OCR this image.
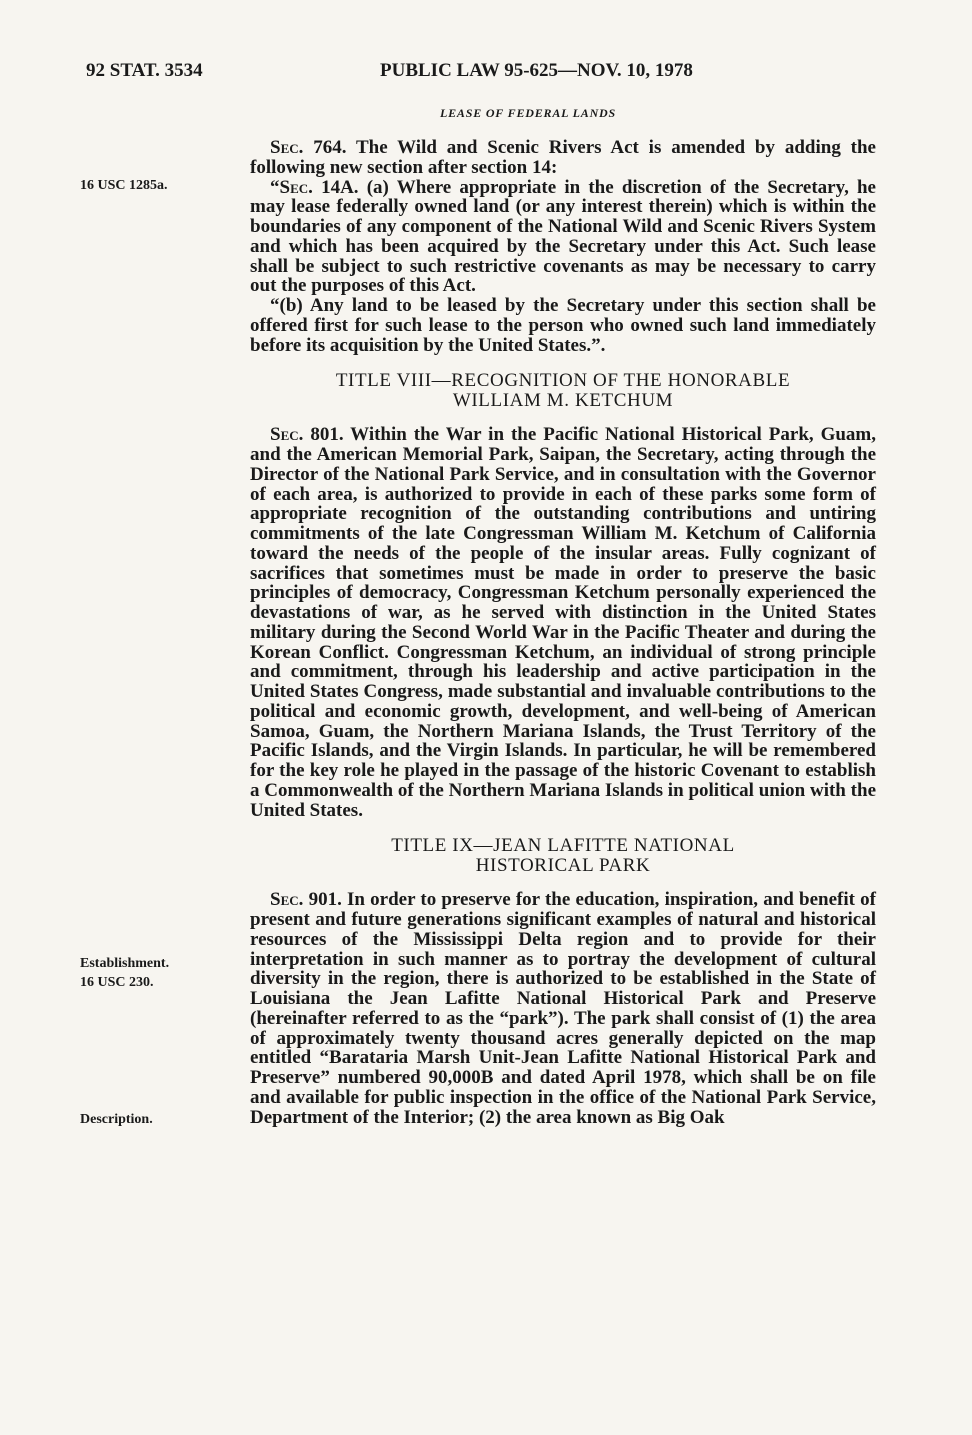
92 STAT. 3534	PUBLIC LAW 95-625—NOV. 10, 1978
LEASE OF FEDERAL LANDS
16 USC 1285a.
Establishment.
16 USC 230.
Description.

Sec. 764. The Wild and Scenic Rivers Act is amended by adding the following new section after section 14:

“Sec. 14A. (a) Where appropriate in the discretion of the Secretary, he may lease federally owned land (or any interest therein) which is within the boundaries of any component of the National Wild and Scenic Rivers System and which has been acquired by the Secretary under this Act. Such lease shall be subject to such restrictive covenants as may be necessary to carry out the purposes of this Act.

“(b) Any land to be leased by the Secretary under this section shall be offered first for such lease to the person who owned such land immediately before its acquisition by the United States.”.

TITLE VIII—RECOGNITION OF THE HONORABLE
WILLIAM M. KETCHUM

Sec. 801. Within the War in the Pacific National Historical Park, Guam, and the American Memorial Park, Saipan, the Secretary, acting through the Director of the National Park Service, and in consultation with the Governor of each area, is authorized to provide in each of these parks some form of appropriate recognition of the outstanding contributions and untiring commitments of the late Congressman William M. Ketchum of California toward the needs of the people of the insular areas. Fully cognizant of sacrifices that sometimes must be made in order to preserve the basic principles of democracy, Congressman Ketchum personally experienced the devastations of war, as he served with distinction in the United States military during the Second World War in the Pacific Theater and during the Korean Conflict. Congressman Ketchum, an individual of strong principle and commitment, through his leadership and active participation in the United States Congress, made substantial and invaluable contributions to the political and economic growth, development, and well-being of American Samoa, Guam, the Northern Mariana Islands, the Trust Territory of the Pacific Islands, and the Virgin Islands. In particular, he will be remembered for the key role he played in the passage of the historic Covenant to establish a Commonwealth of the Northern Mariana Islands in political union with the United States.

TITLE IX—JEAN LAFITTE NATIONAL
HISTORICAL PARK

Sec. 901. In order to preserve for the education, inspiration, and benefit of present and future generations significant examples of natural and historical resources of the Mississippi Delta region and to provide for their interpretation in such manner as to portray the development of cultural diversity in the region, there is authorized to be established in the State of Louisiana the Jean Lafitte National Historical Park and Preserve (hereinafter referred to as the “park”). The park shall consist of (1) the area of approximately twenty thousand acres generally depicted on the map entitled “Barataria Marsh Unit-Jean Lafitte National Historical Park and Preserve” numbered 90,000B and dated April 1978, which shall be on file and available for public inspection in the office of the National Park Service, Department of the Interior; (2) the area known as Big Oak
